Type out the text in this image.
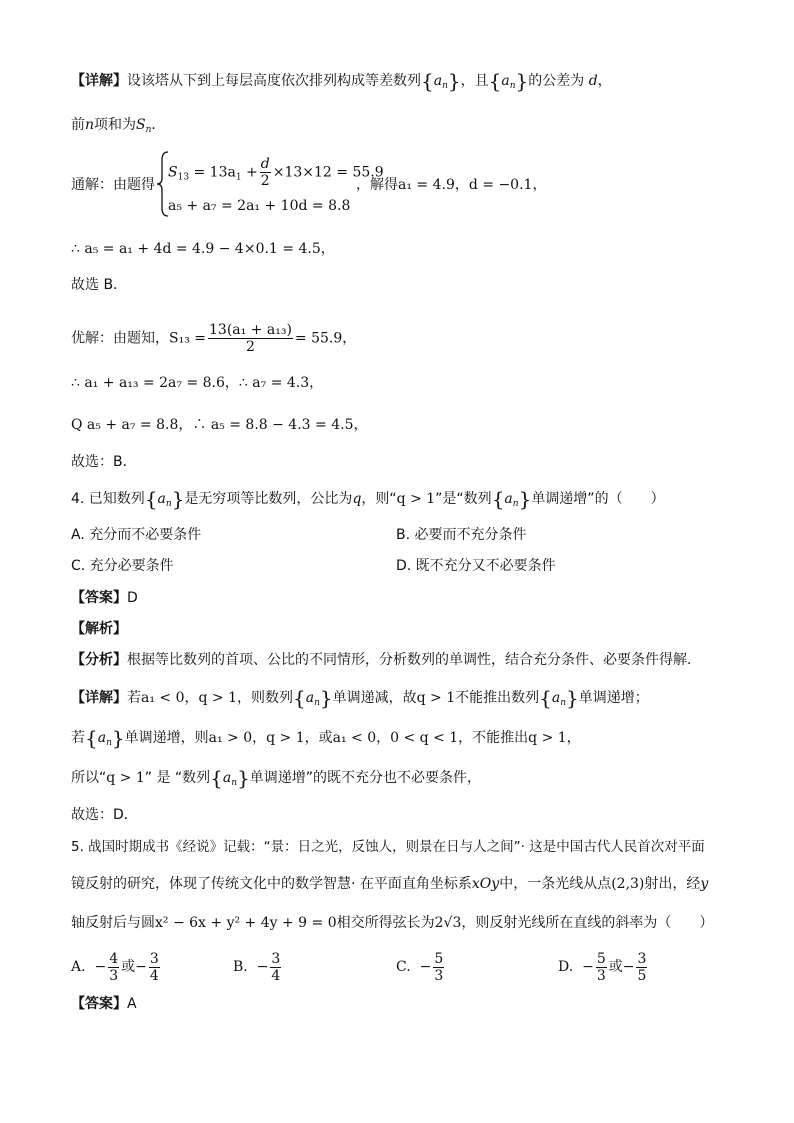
【详解】设该塔从下到上每层高度依次排列构成等差数列$\{a_n\}$，且$\{a_n\}$的公差为 d，
前n项和为$S_n$．
通解：由题得
$S_{13} = 13a_1 + \frac{d}{2} \times 13\times 12 = 55.9$
a₅ + a₇ = 2a₁ + 10d = 8.8
，解得a₁ = 4.9，d = −0.1，
∴ a₅ = a₁ + 4d = 4.9 − 4×0.1 = 4.5，
故选 B．
优解：由题知，$S_{13} = \frac{\text{13(a₁ + a₁₃)}}{2} = 55.9$，
∴ a₁ + a₁₃ = 2a₇ = 8.6，∴ a₇ = 4.3，
Q a₅ + a₇ = 8.8，∴ a₅ = 8.8 − 4.3 = 4.5，
故选：B．
4. 已知数列$\{a_n\}$是无穷项等比数列，公比为q，则“q > 1”是“数列$\{a_n\}$单调递增”的（　　）
A. 充分而不必要条件	B. 必要而不充分条件
C. 充分必要条件	D. 既不充分又不必要条件
【答案】D
【解析】
【分析】根据等比数列的首项、公比的不同情形，分析数列的单调性，结合充分条件、必要条件得解.
【详解】若a₁ < 0，q > 1，则数列$\{a_n\}$单调递减，故q > 1不能推出数列$\{a_n\}$单调递增；
若$\{a_n\}$单调递增，则a₁ > 0，q > 1，或a₁ < 0，0 < q < 1，不能推出q > 1，
所以“q > 1” 是 “数列$\{a_n\}$单调递增”的既不充分也不必要条件，
故选：D．
5. 战国时期成书《经说》记载：“景：日之光，反蚀人，则景在日与人之间”· 这是中国古代人民首次对平面
镜反射的研究，体现了传统文化中的数学智慧· 在平面直角坐标系xOy中，一条光线从点(2,3)射出，经y
轴反射后与圆x² − 6x + y² + 4y + 9 = 0相交所得弦长为2√3，则反射光线所在直线的斜率为（　　）
A. − $\frac{4}{3}$ 或− $\frac{3}{4}$	B. − $\frac{3}{4}$	C. − $\frac{5}{3}$	D. − $\frac{5}{3}$ 或− $\frac{3}{5}$
【答案】A
